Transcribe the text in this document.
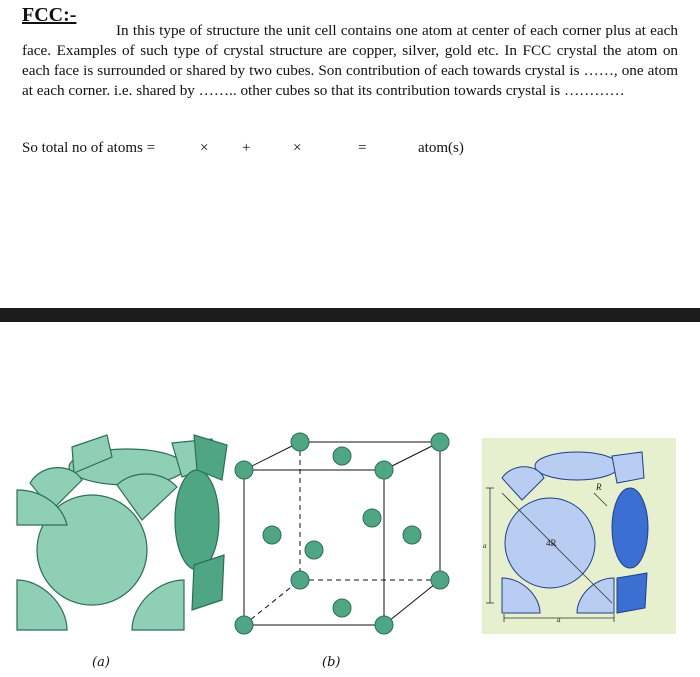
FCC:-
In this type of structure the unit cell contains one atom at center of each corner plus at each face. Examples of such type of crystal structure are copper, silver, gold etc. In FCC crystal the atom on each face is surrounded or shared by two cubes. Son contribution of each towards crystal is ……, one atom at each corner. i.e. shared by …….. other cubes so that its contribution towards crystal is …………
So total no of atoms =	× +	×	=	atom(s)
(a)	(b)
4R
R
a
a
